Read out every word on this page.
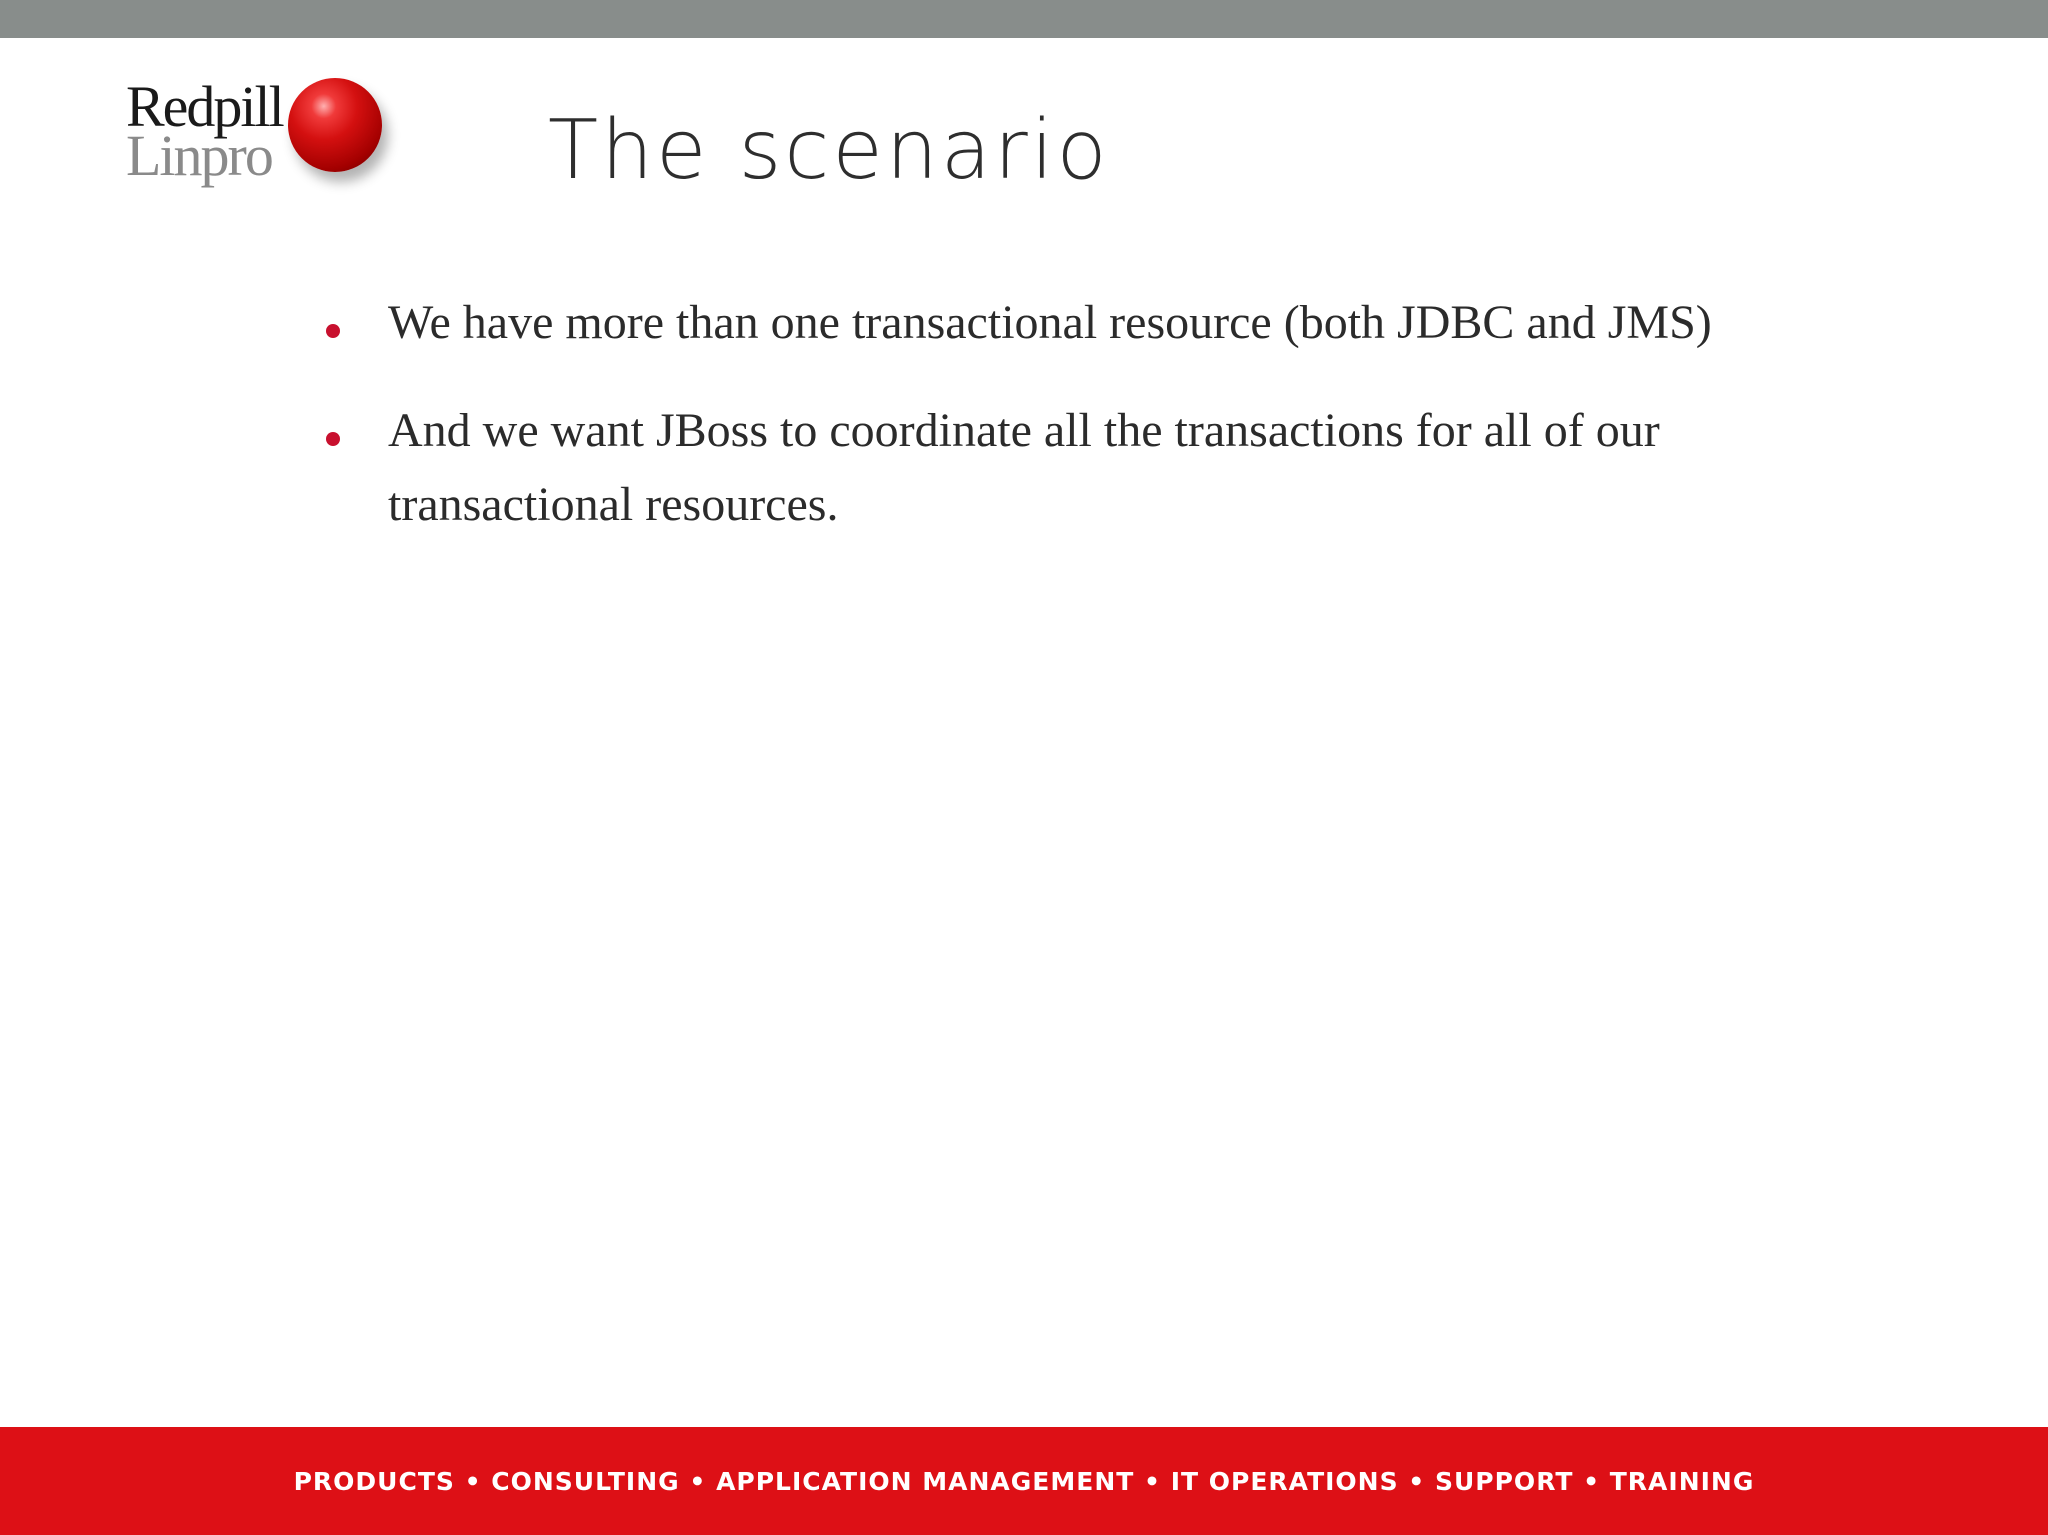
Redpill
Linpro	The scenario
We have more than one transactional resource (both JDBC and JMS)
And we want JBoss to coordinate all the transactions for all of our transactional resources.
PRODUCTS • CONSULTING • APPLICATION MANAGEMENT • IT OPERATIONS • SUPPORT • TRAINING
